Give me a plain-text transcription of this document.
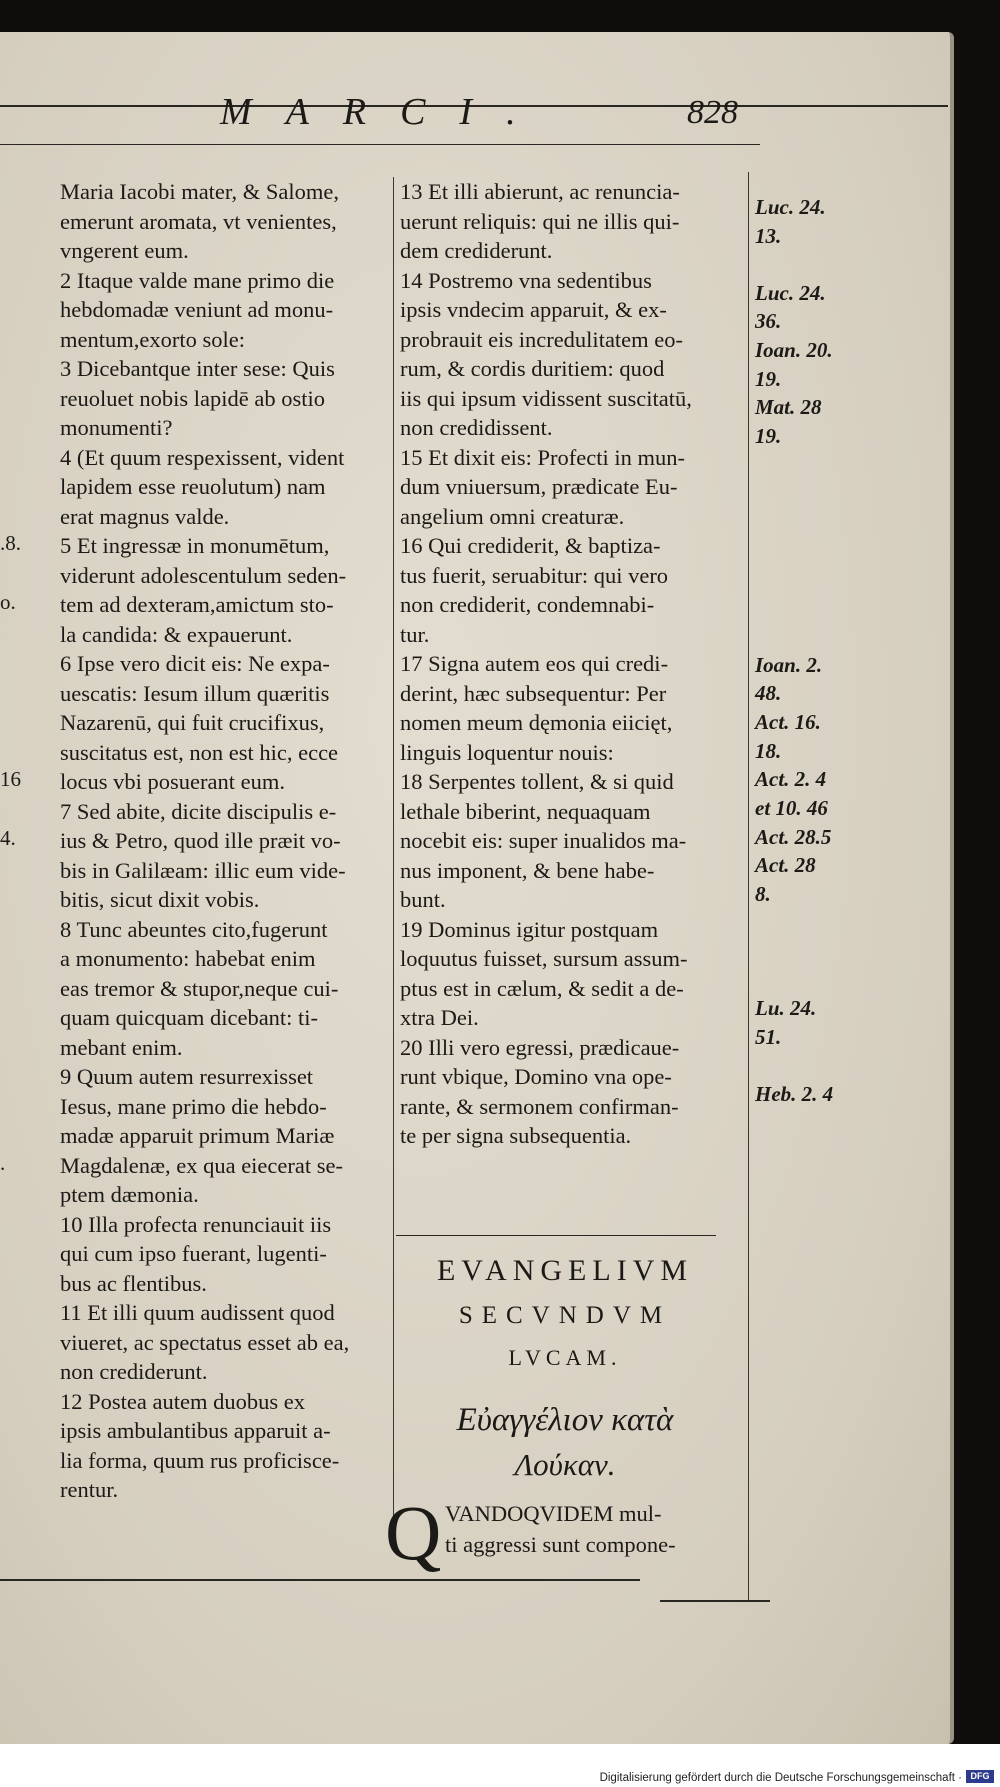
MARCI.	828
.8.
o.
16
4.
.
Maria Iacobi mater, & Salome,
emerunt aromata, vt venientes,
vngerent eum.
2 Itaque valde mane primo die
hebdomadæ veniunt ad monu-
mentum,exorto sole:
3 Dicebantque inter sese: Quis
reuoluet nobis lapidē ab ostio
monumenti?
4 (Et quum respexissent, vident
lapidem esse reuolutum) nam
erat magnus valde.
5 Et ingressæ in monumētum,
viderunt adolescentulum seden-
tem ad dexteram,amictum sto-
la candida: & expauerunt.
6 Ipse vero dicit eis: Ne expa-
uescatis: Iesum illum quæritis
Nazarenū, qui fuit crucifixus,
suscitatus est, non est hic, ecce
locus vbi posuerant eum.
7 Sed abite, dicite discipulis e-
ius & Petro, quod ille præit vo-
bis in Galilæam: illic eum vide-
bitis, sicut dixit vobis.
8 Tunc abeuntes cito,fugerunt
a monumento: habebat enim
eas tremor & stupor,neque cui-
quam quicquam dicebant: ti-
mebant enim.
9 Quum autem resurrexisset
Iesus, mane primo die hebdo-
madæ apparuit primum Mariæ
Magdalenæ, ex qua eiecerat se-
ptem dæmonia.
10 Illa profecta renunciauit iis
qui cum ipso fuerant, lugenti-
bus ac flentibus.
11 Et illi quum audissent quod
viueret, ac spectatus esset ab ea,
non crediderunt.
12 Postea autem duobus ex
ipsis ambulantibus apparuit a-
lia forma, quum rus proficisce-
rentur.
13 Et illi abierunt, ac renuncia-
uerunt reliquis: qui ne illis qui-
dem crediderunt.
14 Postremo vna sedentibus
ipsis vndecim apparuit, & ex-
probrauit eis incredulitatem eo-
rum, & cordis duritiem: quod
iis qui ipsum vidissent suscitatū,
non credidissent.
15 Et dixit eis: Profecti in mun-
dum vniuersum, prædicate Eu-
angelium omni creaturæ.
16 Qui crediderit, & baptiza-
tus fuerit, seruabitur: qui vero
non crediderit, condemnabi-
tur.
17 Signa autem eos qui credi-
derint, hæc subsequentur: Per
nomen meum dęmonia eiicięt,
linguis loquentur nouis:
18 Serpentes tollent, & si quid
lethale biberint, nequaquam
nocebit eis: super inualidos ma-
nus imponent, & bene habe-
bunt.
19 Dominus igitur postquam
loquutus fuisset, sursum assum-
ptus est in cælum, & sedit a de-
xtra Dei.
20 Illi vero egressi, prædicaue-
runt vbique, Domino vna ope-
rante, & sermonem confirman-
te per signa subsequentia.
Luc. 24.
13.
Luc. 24.
36.
Ioan. 20.
19.
Mat. 28
19.
Ioan. 2.
48.
Act. 16.
18.
Act. 2. 4
et 10. 46
Act. 28.5
Act. 28
8.
Lu. 24.
51.
Heb. 2. 4
EVANGELIVM
SECVNDVM
LVCAM.
Εὐαγγέλιον κατὰ
Λούκαν.
Q VANDOQVIDEM mul-
ti aggressi sunt compone-
Digitalisierung gefördert durch die Deutsche Forschungsgemeinschaft · DFG
